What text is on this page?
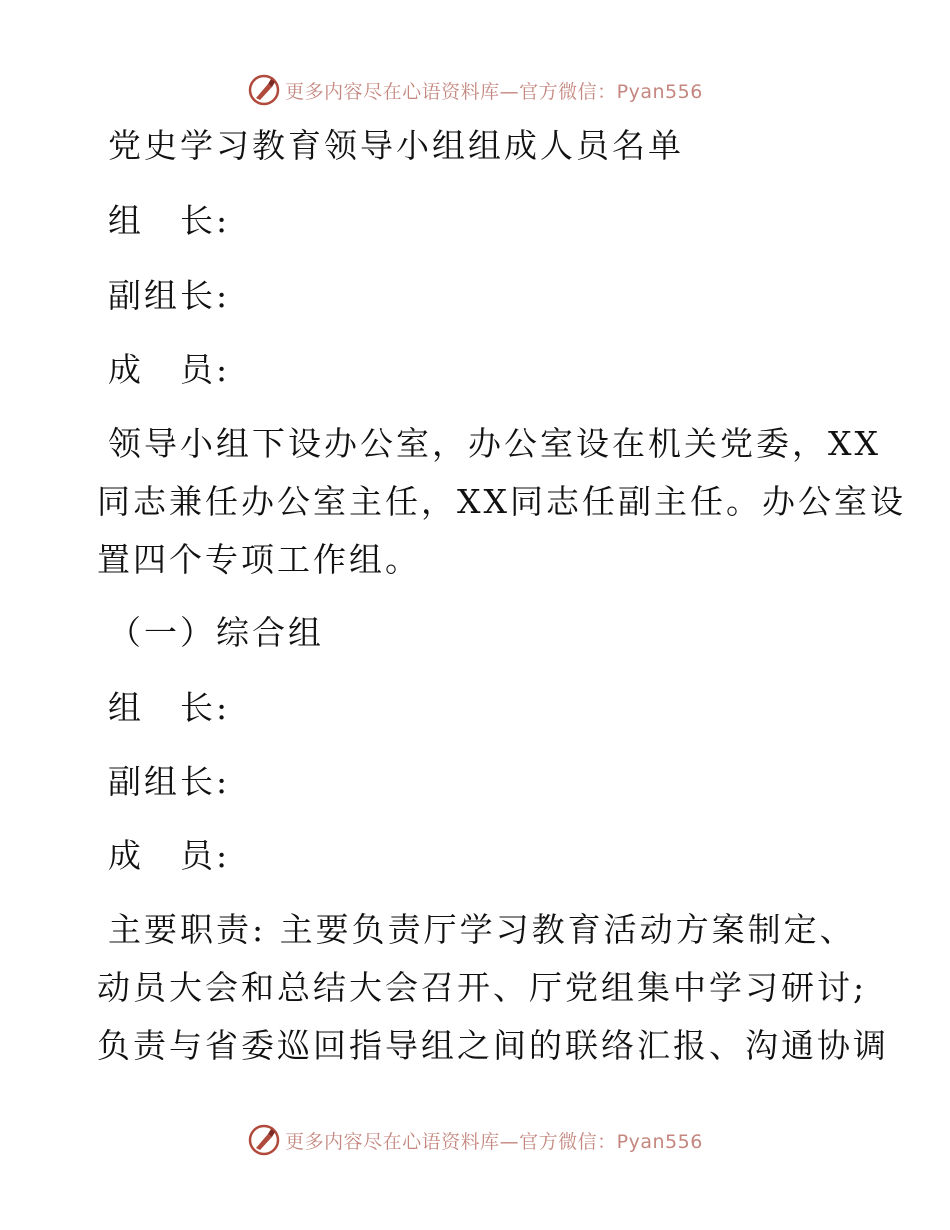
更多内容尽在心语资料库—官方微信：Pyan556
党史学习教育领导小组组成人员名单
组　长:
副组长:
成　员:
领导小组下设办公室，办公室设在机关党委，XX
同志兼任办公室主任，XX同志任副主任。办公室设
置四个专项工作组。
（一）综合组
组　长:
副组长:
成　员:
主要职责: 主要负责厅学习教育活动方案制定、
动员大会和总结大会召开、厅党组集中学习研讨;
负责与省委巡回指导组之间的联络汇报、沟通协调
更多内容尽在心语资料库—官方微信：Pyan556
